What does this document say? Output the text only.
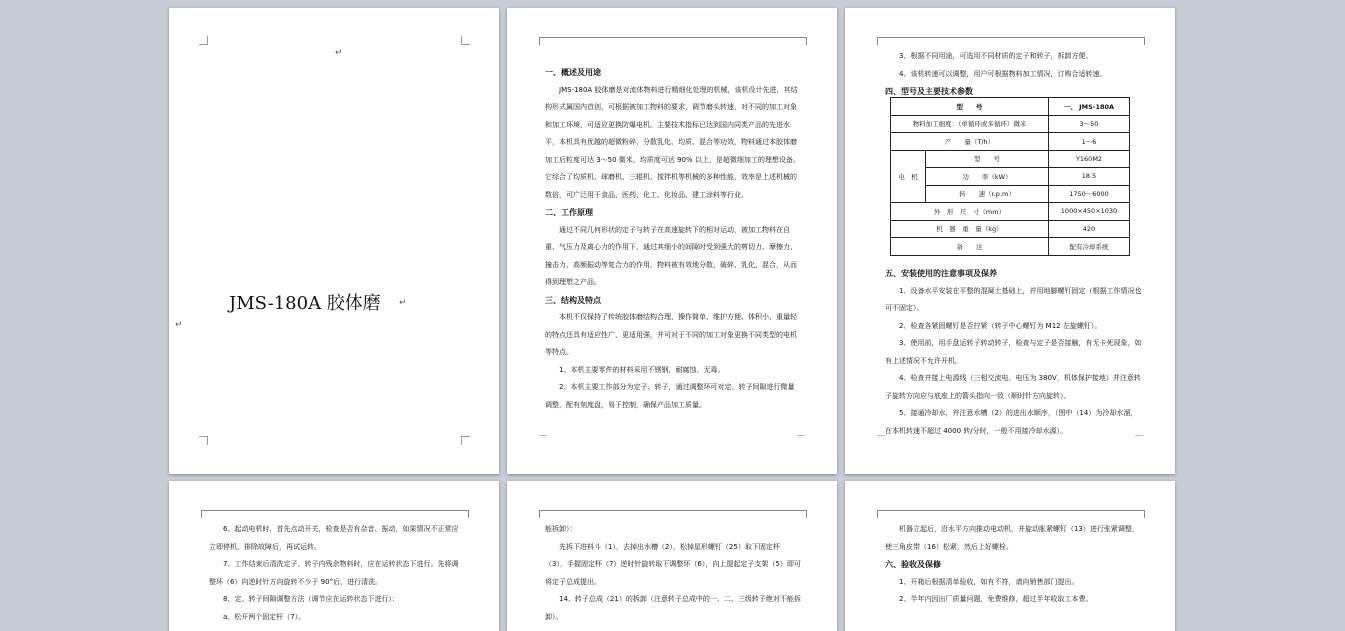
↵
JMS-180A 胶体磨 ↵
↵

一、概述及用途

JMS-180A 胶体磨是对流体物料进行精细化处理的机械，该机设计先进，其结构形式属国内首创，可根据被加工物料的要求，调节磨头转速，对不同的加工对象和加工环境，可适应更换防爆电机。主要技术指标已达到国内同类产品的先进水平，本机具有优越的超微粉碎、分散乳化、均质、混合等功效，物料通过本胶体磨加工后粒度可达 3～50 微米，均质度可达 90% 以上，是超微细加工的理想设备。它综合了均质机、球磨机、三辊机、搅拌机等机械的多种性能，效率是上述机械的数倍，可广泛用于食品、医药、化工、化妆品、建工涂料等行业。

二、工作原理

通过不同几何形状的定子与转子在高速旋转下的相对运动，被加工物料在自重、气压力及离心力的作用下，通过其细小的间隙时受到强大的剪切力、摩擦力、撞击力、高频振动等复合力的作用，物料被有效地分散、破碎、乳化、混合，从而得到理想之产品。

三、结构及特点

本机不仅保持了传统胶体磨结构合理、操作简单、维护方便、体积小、重量轻的特点还具有适应性广、更适用强，并可对于不同的加工对象更换不同类型的电机等特点。

1、本机主要零件的材料采用不锈钢，耐腐蚀、无毒。

2、本机主要工作部分为定子、转子，通过调整环可对定、转子间隙进行微量调整，配有刻度盘，易于控制，确保产品加工质量。

3、根据不同用途，可选用不同材质的定子和转子，拆卸方便。

4、该机转速可以调整，用户可根据物料加工情况，订购合适转速。

四、型号及主要技术参数

型　　号		一、 JMS-180A
物料加工细度：（单循环或多循环）微米		3～50
产　　量（T/h）		1～6
电　机	型　　号	Y160M2
	功　　率（kW）	18.5
	转　　速（r.p.m）	1750～6000
外　形　尺　寸（mm）		1000×450×1030
机　器　重　量（kg）		420
备　　注		配有冷却系统

五、安装使用的注意事项及保养

1、设备水平安装在平整的混凝土基础上，并用地脚螺钉固定（根据工作情况也可不固定）。

2、检查各紧固螺钉是否拧紧（转子中心螺钉为 M12 左旋螺钉）。

3、使用前，用手盘运转子转动转子，检查与定子是否接触，有无卡死现象，如有上述情况不允许开机。

4、检查并接上电源线（三相交流电、电压为 380V，机体保护接地）并注意转子旋转方向应与底座上的箭头指向一致（顺时针方向旋转）。

5、接通冷却水，并注意水槽（2）的进出水顺序，（图中（14）为冷却水溜，在本机转速不超过 4000 转/分时，一般不用接冷却水源）。

6、起动电机时，首先点动开关，检查是否有杂音、振动，如果情况不正常应立即停机，排除故障后，再试运转。

7、工作结束后清洗定子、转子内残余物料时，应在运转状态下进行。先将调整环（6）向逆时针方向旋转不少于 90°后，进行清洗。

8、定、转子间隙调整方法（调节应在运转状态下进行）：

a、松开两个固定杆（7）。

能拆卸）：

先拆下进料斗（1），去掉出水槽（2），松掉星形螺钉（25）取下固定杯（3），手握固定杯（7）逆时针旋转取下调整环（6），向上提起定子支架（5）即可将定子总成提出。

14、转子总成（21）的拆卸（注意转子总成中的一、二、三级转子绝对不能拆卸）。

机器立起后，沿水平方向推动电动机，并旋动胀紧螺钉（13）进行张紧调整，使三角皮带（16）松紧，然后上好螺栓。

六、验收及保修

1、开箱后根据清单验收，如有不符，请向销售部门提出。

2、半年内因出厂质量问题，免费维修，超过半年收取工本费。
